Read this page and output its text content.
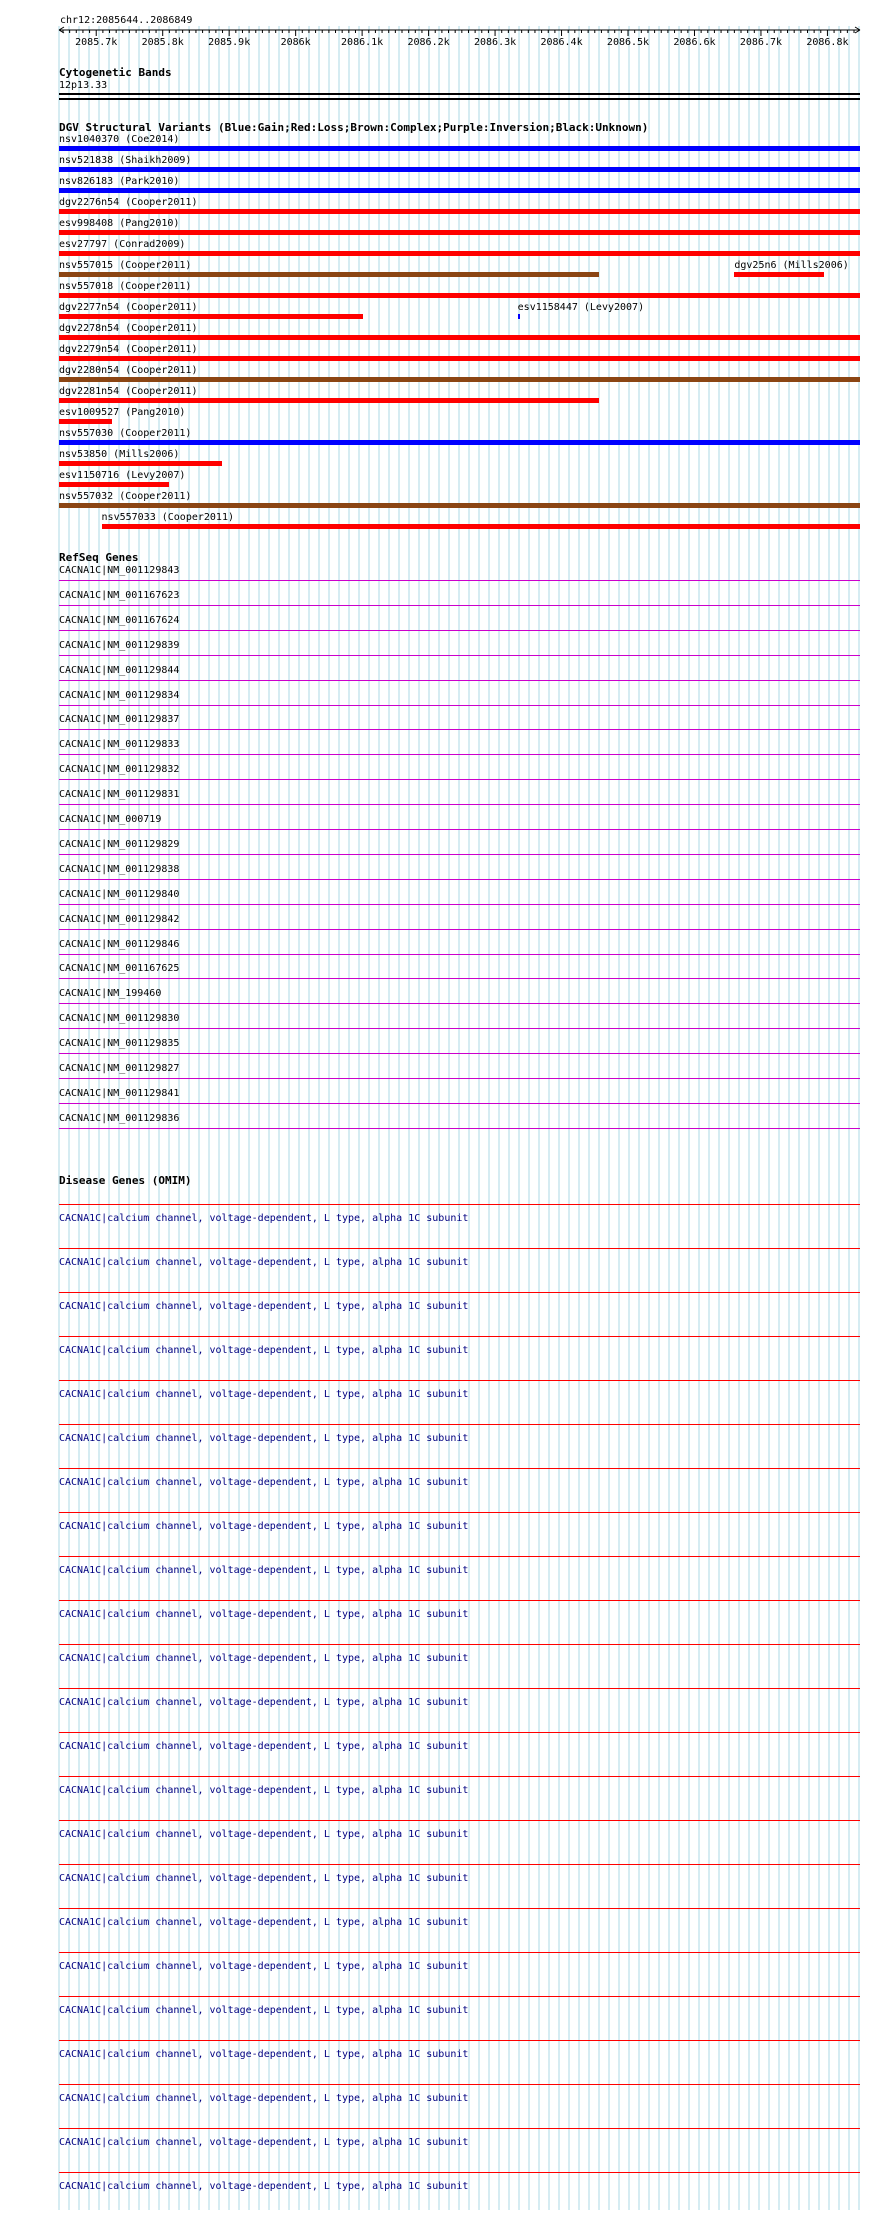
chr12:2085644..2086849
2085.7k 2085.8k 2085.9k	2086k	2086.1k 2086.2k 2086.3k 2086.4k 2086.5k 2086.6k 2086.7k 2086.8k
Cytogenetic Bands
12p13.33
DGV Structural Variants (Blue:Gain;Red:Loss;Brown:Complex;Purple:Inversion;Black:Unknown)
nsv1040370 (Coe2014)
nsv521838 (Shaikh2009)
nsv826183 (Park2010)
dgv2276n54 (Cooper2011)
esv998408 (Pang2010)
esv27797 (Conrad2009)
nsv557015 (Cooper2011)	dgv25n6 (Mills2006)
nsv557018 (Cooper2011)
dgv2277n54 (Cooper2011)	esv1158447 (Levy2007)
dgv2278n54 (Cooper2011)
dgv2279n54 (Cooper2011)
dgv2280n54 (Cooper2011)
dgv2281n54 (Cooper2011)
esv1009527 (Pang2010)
nsv557030 (Cooper2011)
nsv53850 (Mills2006)
esv1150716 (Levy2007)
nsv557032 (Cooper2011)
nsv557033 (Cooper2011)
RefSeq Genes
CACNA1C|NM_001129843
CACNA1C|NM_001167623
CACNA1C|NM_001167624
CACNA1C|NM_001129839
CACNA1C|NM_001129844
CACNA1C|NM_001129834
CACNA1C|NM_001129837
CACNA1C|NM_001129833
CACNA1C|NM_001129832
CACNA1C|NM_001129831
CACNA1C|NM_000719
CACNA1C|NM_001129829
CACNA1C|NM_001129838
CACNA1C|NM_001129840
CACNA1C|NM_001129842
CACNA1C|NM_001129846
CACNA1C|NM_001167625
CACNA1C|NM_199460
CACNA1C|NM_001129830
CACNA1C|NM_001129835
CACNA1C|NM_001129827
CACNA1C|NM_001129841
CACNA1C|NM_001129836
Disease Genes (OMIM)
CACNA1C|calcium channel, voltage-dependent, L type, alpha 1C subunit
CACNA1C|calcium channel, voltage-dependent, L type, alpha 1C subunit
CACNA1C|calcium channel, voltage-dependent, L type, alpha 1C subunit
CACNA1C|calcium channel, voltage-dependent, L type, alpha 1C subunit
CACNA1C|calcium channel, voltage-dependent, L type, alpha 1C subunit
CACNA1C|calcium channel, voltage-dependent, L type, alpha 1C subunit
CACNA1C|calcium channel, voltage-dependent, L type, alpha 1C subunit
CACNA1C|calcium channel, voltage-dependent, L type, alpha 1C subunit
CACNA1C|calcium channel, voltage-dependent, L type, alpha 1C subunit
CACNA1C|calcium channel, voltage-dependent, L type, alpha 1C subunit
CACNA1C|calcium channel, voltage-dependent, L type, alpha 1C subunit
CACNA1C|calcium channel, voltage-dependent, L type, alpha 1C subunit
CACNA1C|calcium channel, voltage-dependent, L type, alpha 1C subunit
CACNA1C|calcium channel, voltage-dependent, L type, alpha 1C subunit
CACNA1C|calcium channel, voltage-dependent, L type, alpha 1C subunit
CACNA1C|calcium channel, voltage-dependent, L type, alpha 1C subunit
CACNA1C|calcium channel, voltage-dependent, L type, alpha 1C subunit
CACNA1C|calcium channel, voltage-dependent, L type, alpha 1C subunit
CACNA1C|calcium channel, voltage-dependent, L type, alpha 1C subunit
CACNA1C|calcium channel, voltage-dependent, L type, alpha 1C subunit
CACNA1C|calcium channel, voltage-dependent, L type, alpha 1C subunit
CACNA1C|calcium channel, voltage-dependent, L type, alpha 1C subunit
CACNA1C|calcium channel, voltage-dependent, L type, alpha 1C subunit
